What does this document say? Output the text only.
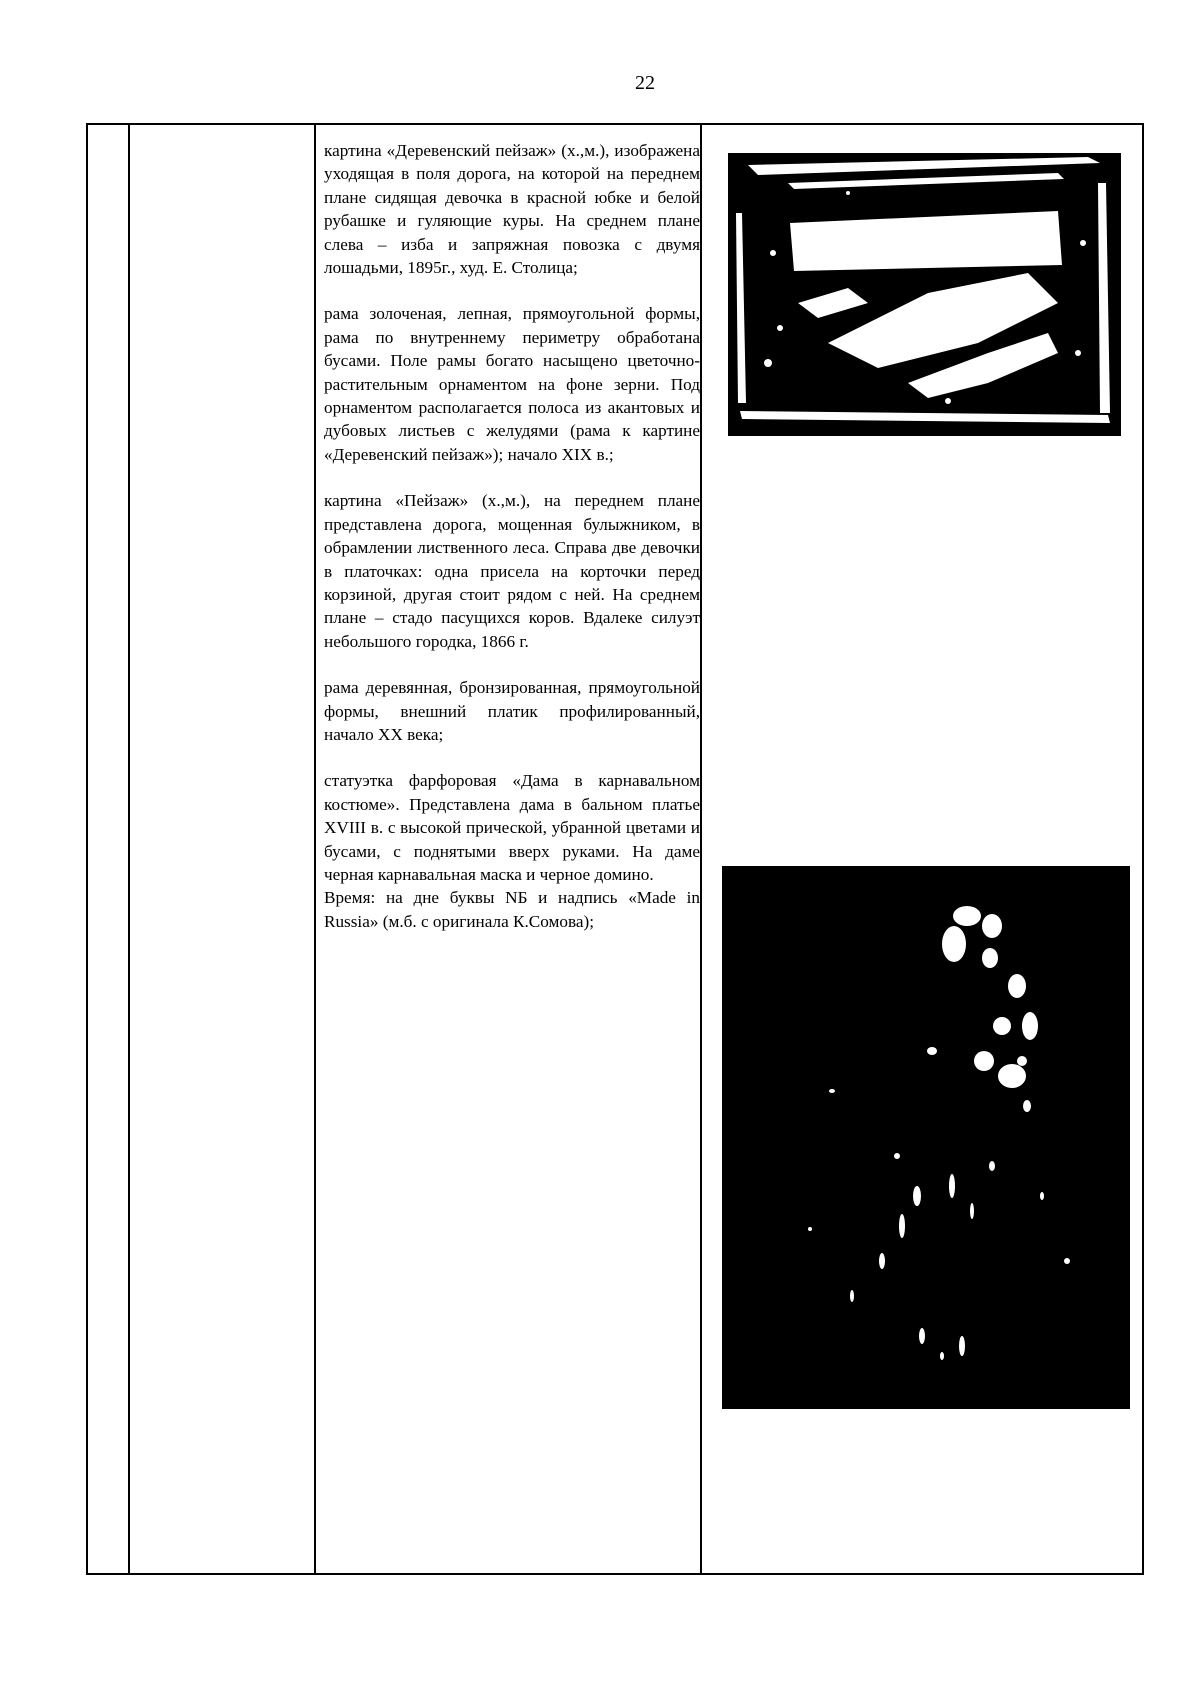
22

картина «Деревенский пейзаж» (х.,м.), изображена уходящая в поля дорога, на которой на переднем плане сидящая девочка в красной юбке и белой рубашке и гуляющие куры. На среднем плане слева – изба и запряжная повозка с двумя лошадьми, 1895г., худ. Е. Столица;

рама золоченая, лепная, прямоугольной формы, рама по внутреннему периметру обработана бусами. Поле рамы богато насыщено цветочно-растительным орнаментом на фоне зерни. Под орнаментом располагается полоса из акантовых и дубовых листьев с желудями (рама к картине «Деревенский пейзаж»); начало XIX в.;

картина «Пейзаж» (х.,м.), на переднем плане представлена дорога, мощенная булыжником, в обрамлении лиственного леса. Справа две девочки в платочках: одна присела на корточки перед корзиной, другая стоит рядом с ней. На среднем плане – стадо пасущихся коров. Вдалеке силуэт небольшого городка, 1866 г.

рама деревянная, бронзированная, прямоугольной формы, внешний платик профилированный, начало XX века;

статуэтка фарфоровая «Дама в карнавальном костюме». Представлена дама в бальном платье XVIII в. с высокой прической, убранной цветами и бусами, с поднятыми вверх руками. На даме черная карнавальная маска и черное домино.
Время: на дне буквы NБ и надпись «Made in Russia» (м.б. с оригинала К.Сомова);
